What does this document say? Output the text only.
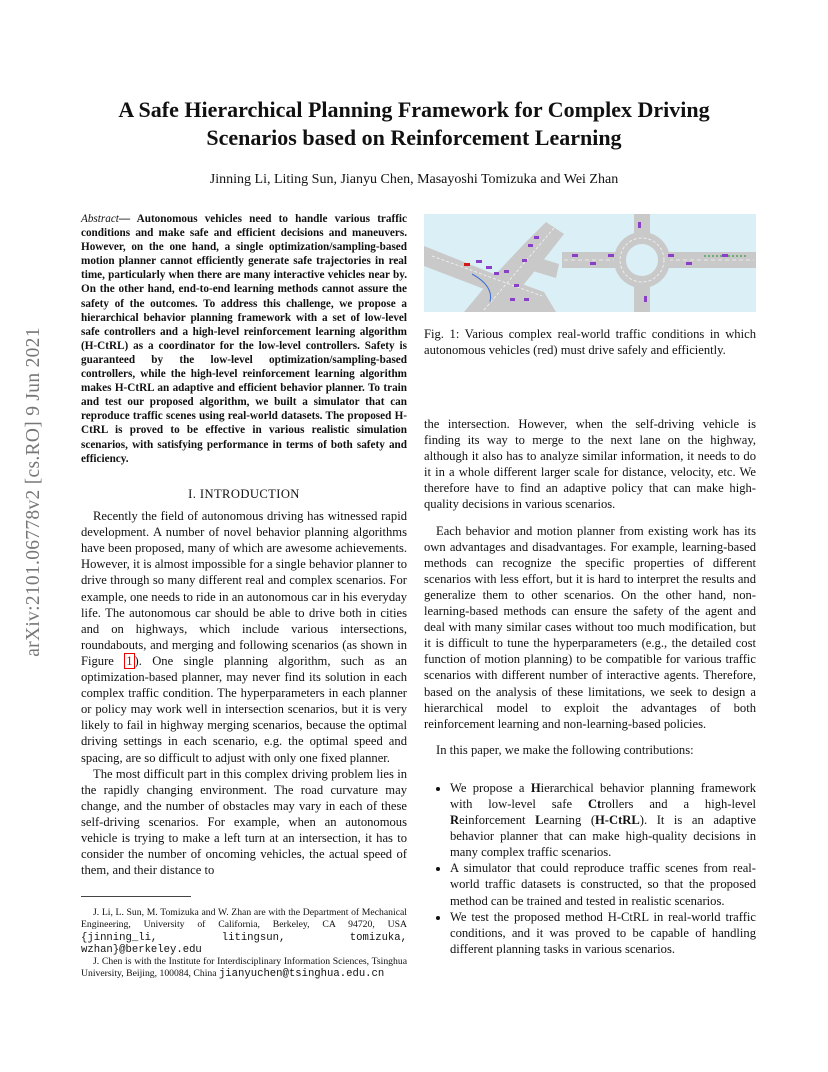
arXiv:2101.06778v2 [cs.RO] 9 Jun 2021
A Safe Hierarchical Planning Framework for Complex Driving
Scenarios based on Reinforcement Learning
Jinning Li, Liting Sun, Jianyu Chen, Masayoshi Tomizuka and Wei Zhan
Abstract— Autonomous vehicles need to handle various traffic conditions and make safe and efficient decisions and maneuvers. However, on the one hand, a single optimization/sampling-based motion planner cannot efficiently generate safe trajectories in real time, particularly when there are many interactive vehicles near by. On the other hand, end-to-end learning methods cannot assure the safety of the outcomes. To address this challenge, we propose a hierarchical behavior planning framework with a set of low-level safe controllers and a high-level reinforcement learning algorithm (H-CtRL) as a coordinator for the low-level controllers. Safety is guaranteed by the low-level optimization/sampling-based controllers, while the high-level reinforcement learning algorithm makes H-CtRL an adaptive and efficient behavior planner. To train and test our proposed algorithm, we built a simulator that can reproduce traffic scenes using real-world datasets. The proposed H-CtRL is proved to be effective in various realistic simulation scenarios, with satisfying performance in terms of both safety and efficiency.
I. INTRODUCTION

Recently the field of autonomous driving has witnessed rapid development. A number of novel behavior planning algorithms have been proposed, many of which are awesome achievements. However, it is almost impossible for a single behavior planner to drive through so many different real and complex scenarios. For example, one needs to ride in an autonomous car in his everyday life. The autonomous car should be able to drive both in cities and on highways, which include various intersections, roundabouts, and merging and following scenarios (as shown in Figure 1 ). One single planning algorithm, such as an optimization-based planner, may never find its solution in each complex traffic condition. The hyperparameters in each planner or policy may work well in intersection scenarios, but it is very likely to fail in highway merging scenarios, because the optimal driving settings in each scenario, e.g. the optimal speed and spacing, are so difficult to adjust with only one fixed planner.

The most difficult part in this complex driving problem lies in the rapidly changing environment. The road curvature may change, and the number of obstacles may vary in each of these self-driving scenarios. For example, when an autonomous vehicle is trying to make a left turn at an intersection, it has to consider the number of oncoming vehicles, the actual speed of them, and their distance to

J. Li, L. Sun, M. Tomizuka and W. Zhan are with the Department of Mechanical Engineering, University of California, Berkeley, CA 94720, USA {jinning_li, litingsun, tomizuka, wzhan}@berkeley.edu

J. Chen is with the Institute for Interdisciplinary Information Sciences, Tsinghua University, Beijing, 100084, China jianyuchen@tsinghua.edu.cn

Fig. 1: Various complex real-world traffic conditions in which autonomous vehicles (red) must drive safely and efficiently.

the intersection. However, when the self-driving vehicle is finding its way to merge to the next lane on the highway, although it also has to analyze similar information, it needs to do it in a whole different larger scale for distance, velocity, etc. We therefore have to find an adaptive policy that can make high-quality decisions in various scenarios.

Each behavior and motion planner from existing work has its own advantages and disadvantages. For example, learning-based methods can recognize the specific properties of different scenarios with less effort, but it is hard to interpret the results and generalize them to other scenarios. On the other hand, non-learning-based methods can ensure the safety of the agent and deal with many similar cases without too much modification, but it is difficult to tune the hyperparameters (e.g., the detailed cost function of motion planning) to be compatible for various traffic scenarios with different number of interactive agents. Therefore, based on the analysis of these limitations, we seek to design a hierarchical model to exploit the advantages of both reinforcement learning and non-learning-based policies.

In this paper, we make the following contributions:

• We propose a Hierarchical behavior planning framework with low-level safe Ctrollers and a high-level Reinforcement Learning (H-CtRL). It is an adaptive behavior planner that can make high-quality decisions in many complex traffic scenarios.
• A simulator that could reproduce traffic scenes from real-world traffic datasets is constructed, so that the proposed method can be trained and tested in realistic scenarios.
• We test the proposed method H-CtRL in real-world traffic conditions, and it was proved to be capable of handling different planning tasks in various scenarios.
